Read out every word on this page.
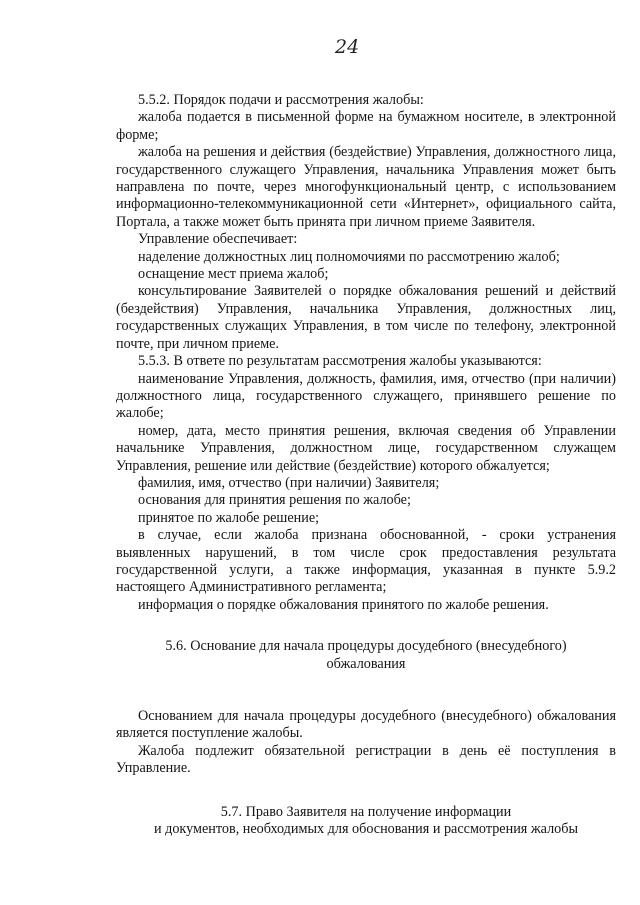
24

5.5.2. Порядок подачи и рассмотрения жалобы:

жалоба подается в письменной форме на бумажном носителе, в электронной форме;

жалоба на решения и действия (бездействие) Управления, должностного лица, государственного служащего Управления, начальника Управления может быть направлена по почте, через многофункциональный центр, с использованием информационно-телекоммуникационной сети «Интернет», официального сайта, Портала, а также может быть принята при личном приеме Заявителя.

Управление обеспечивает:

наделение должностных лиц полномочиями по рассмотрению жалоб;

оснащение мест приема жалоб;

консультирование Заявителей о порядке обжалования решений и действий (бездействия) Управления, начальника Управления, должностных лиц, государственных служащих Управления, в том числе по телефону, электронной почте, при личном приеме.

5.5.3. В ответе по результатам рассмотрения жалобы указываются:

наименование Управления, должность, фамилия, имя, отчество (при наличии) должностного лица, государственного служащего, принявшего решение по жалобе;

номер, дата, место принятия решения, включая сведения об Управлении начальнике Управления, должностном лице, государственном служащем Управления, решение или действие (бездействие) которого обжалуется;

фамилия, имя, отчество (при наличии) Заявителя;

основания для принятия решения по жалобе;

принятое по жалобе решение;

в случае, если жалоба признана обоснованной, - сроки устранения выявленных нарушений, в том числе срок предоставления результата государственной услуги, а также информация, указанная в пункте 5.9.2 настоящего Административного регламента;

информация о порядке обжалования принятого по жалобе решения.

5.6. Основание для начала процедуры досудебного (внесудебного)
обжалования

Основанием для начала процедуры досудебного (внесудебного) обжалования является поступление жалобы.

Жалоба подлежит обязательной регистрации в день её поступления в Управление.

5.7. Право Заявителя на получение информации
и документов, необходимых для обоснования и рассмотрения жалобы
